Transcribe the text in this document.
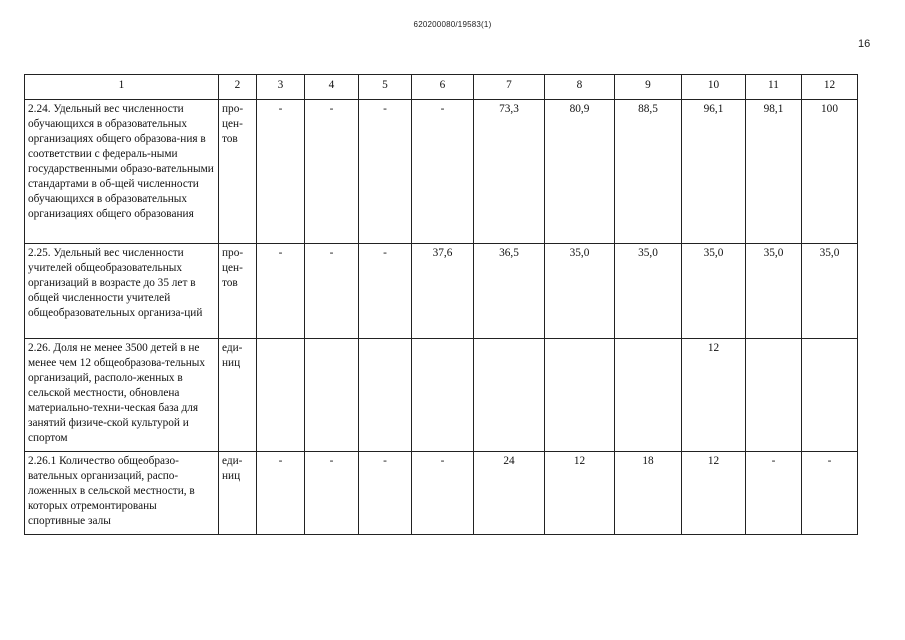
620200080/19583(1)
16
1	2	3	4	5	6	7	8	9	10	11	12
2.24. Удельный вес численности обучающихся в образовательных организациях общего образова-ния в соответствии с федераль-ными государственными образо-вательными стандартами в об-щей численности обучающихся в образовательных организациях общего образования	про-цен-тов	-	-	-	-	73,3	80,9	88,5	96,1	98,1	100
2.25. Удельный вес численности учителей общеобразовательных организаций в возрасте до 35 лет в общей численности учителей общеобразовательных организа-ций	про-цен-тов	-	-	-	37,6	36,5	35,0	35,0	35,0	35,0	35,0
2.26. Доля не менее 3500 детей в не менее чем 12 общеобразова-тельных организаций, располо-женных в сельской местности, обновлена материально-техни-ческая база для занятий физиче-ской культурой и спортом	еди-ниц								12		
2.26.1 Количество общеобразо-вательных организаций, распо-ложенных в сельской местности, в которых отремонтированы спортивные залы	еди-ниц	-	-	-	-	24	12	18	12	-	-
